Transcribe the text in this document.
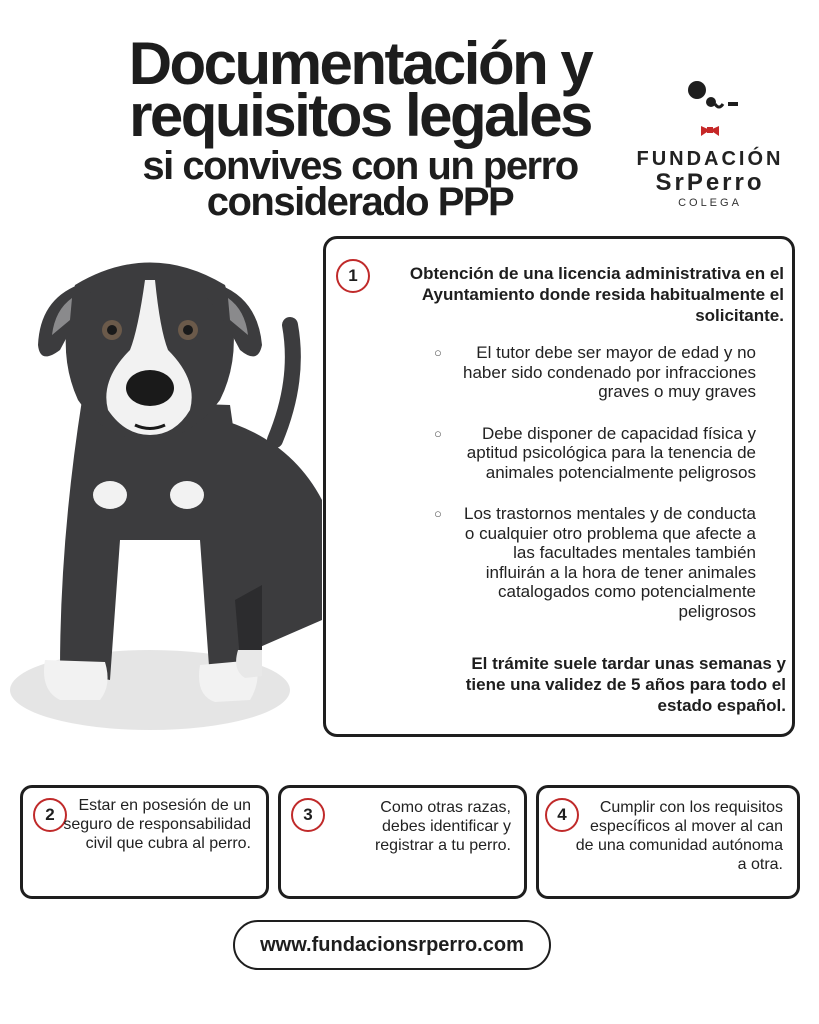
Documentación y
requisitos legales
si convives con un perro
considerado PPP
FUNDACIÓN
SrPerro
COLEGA
1	Obtención de una licencia administrativa en el Ayuntamiento donde resida habitualmente el solicitante.
○	El tutor debe ser mayor de edad y no haber sido condenado por infracciones graves o muy graves
○	Debe disponer de capacidad física y aptitud psicológica para la tenencia de animales potencialmente peligrosos
○	Los trastornos mentales y de conducta o cualquier otro problema que afecte a las facultades mentales también influirán a la hora de tener animales catalogados como potencialmente peligrosos
El trámite suele tardar unas semanas y tiene una validez de 5 años para todo el estado español.
2	Estar en posesión de un seguro de responsabilidad civil que cubra al perro.
3	Como otras razas, debes identificar y registrar a tu perro.
4	Cumplir con los requisitos específicos al mover al can de una comunidad autónoma a otra.
www.fundacionsrperro.com
